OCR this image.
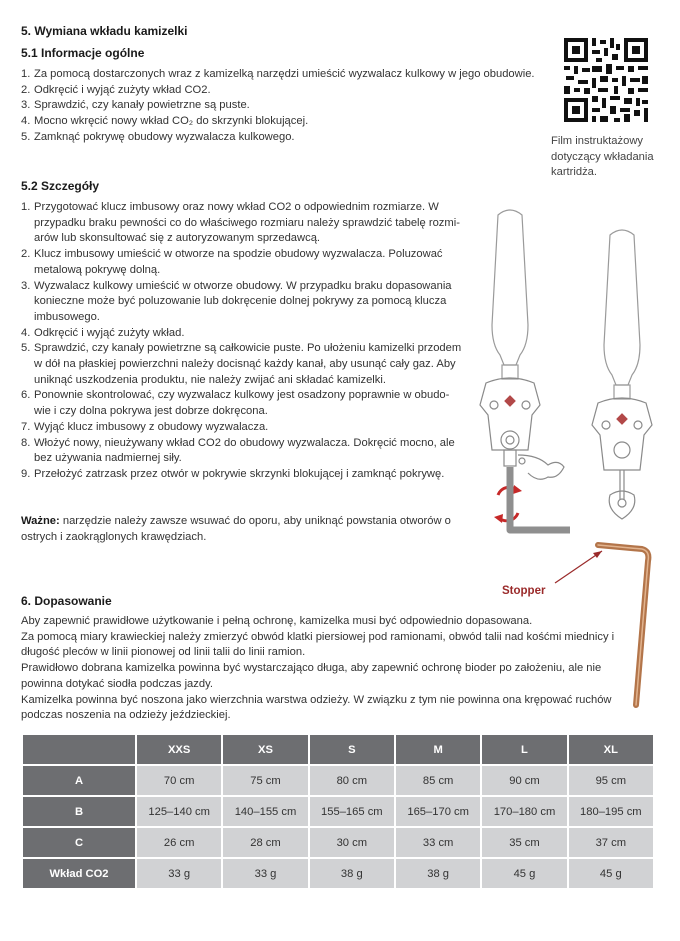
5. Wymiana wkładu kamizelki
5.1 Informacje ogólne
1. Za pomocą dostarczonych wraz z kamizelką narzędzi umieścić wyzwalacz kulkowy w jego obudowie.
2. Odkręcić i wyjąć zużyty wkład CO2.
3. Sprawdzić, czy kanały powietrzne są puste.
4. Mocno wkręcić nowy wkład CO₂ do skrzynki blokującej.
5. Zamknąć pokrywę obudowy wyzwalacza kulkowego.	Film instruktażowy dotyczący wkładania kartridża.
5.2 Szczegóły
1. Przygotować klucz imbusowy oraz nowy wkład CO2 o odpowiednim rozmiarze. W przypadku braku pewności co do właściwego rozmiaru należy sprawdzić tabelę rozmi-arów lub skonsultować się z autoryzowanym sprzedawcą.
2. Klucz imbusowy umieścić w otworze na spodzie obudowy wyzwalacza. Poluzować metalową pokrywę dolną.
3. Wyzwalacz kulkowy umieścić w otworze obudowy. W przypadku braku dopasowania konieczne może być poluzowanie lub dokręcenie dolnej pokrywy za pomocą klucza imbusowego.
4. Odkręcić i wyjąć zużyty wkład.
5. Sprawdzić, czy kanały powietrzne są całkowicie puste. Po ułożeniu kamizelki przodem w dół na płaskiej powierzchni należy docisnąć każdy kanał, aby usunąć cały gaz. Aby uniknąć uszkodzenia produktu, nie należy zwijać ani składać kamizelki.
6. Ponownie skontrolować, czy wyzwalacz kulkowy jest osadzony poprawnie w obudo-wie i czy dolna pokrywa jest dobrze dokręcona.
7. Wyjąć klucz imbusowy z obudowy wyzwalacza.
8. Włożyć nowy, nieużywany wkład CO2 do obudowy wyzwalacza. Dokręcić mocno, ale bez używania nadmiernej siły.
9. Przełożyć zatrzask przez otwór w pokrywie skrzynki blokującej i zamknąć pokrywę.

Ważne: narzędzie należy zawsze wsuwać do oporu, aby uniknąć powstania otworów o ostrych i zaokrąglonych krawędziach.

Stopper
6. Dopasowanie
Aby zapewnić prawidłowe użytkowanie i pełną ochronę, kamizelka musi być odpowiednio dopasowana.
Za pomocą miary krawieckiej należy zmierzyć obwód klatki piersiowej pod ramionami, obwód talii nad kośćmi miednicy i długość pleców w linii pionowej od linii talii do linii ramion.
Prawidłowo dobrana kamizelka powinna być wystarczająco długa, aby zapewnić ochronę bioder po założeniu, ale nie powinna dotykać siodła podczas jazdy.
Kamizelka powinna być noszona jako wierzchnia warstwa odzieży. W związku z tym nie powinna ona krępować ruchów podczas noszenia na odzieży jeździeckiej.
	XXS	XS	S	M	L	XL
A	70 cm	75 cm	80 cm	85 cm	90 cm	95 cm
B	125–140 cm	140–155 cm	155–165 cm	165–170 cm	170–180 cm	180–195 cm
C	26 cm	28 cm	30 cm	33 cm	35 cm	37 cm
Wkład CO2	33 g	33 g	38 g	38 g	45 g	45 g
